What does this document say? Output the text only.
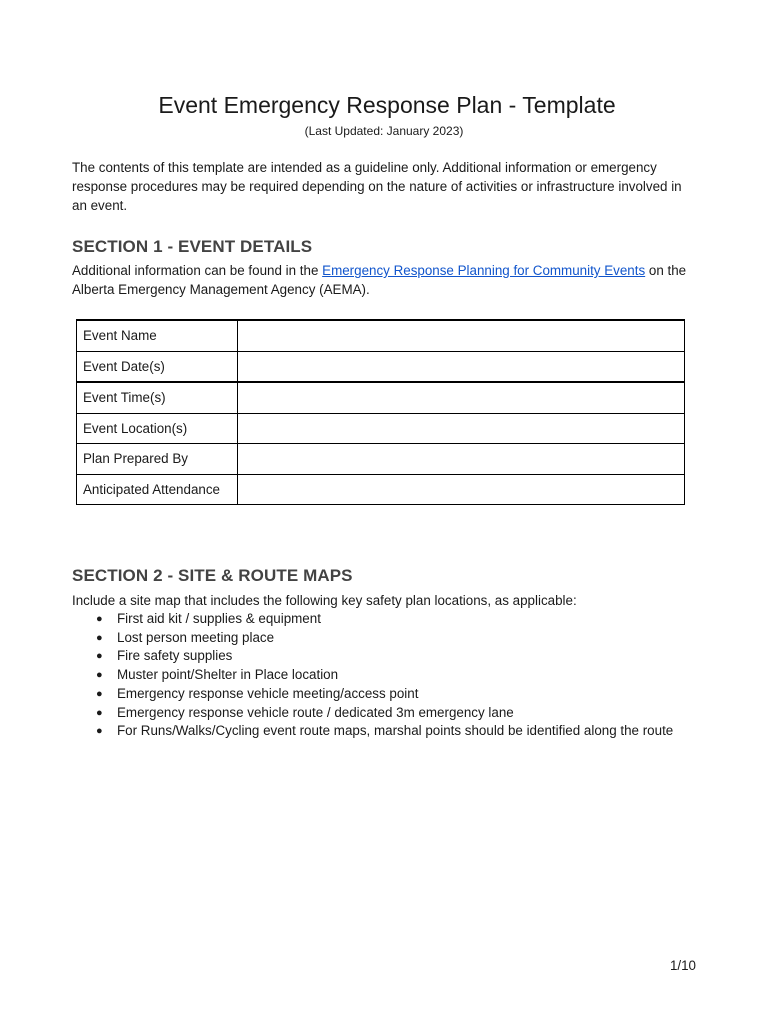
Event Emergency Response Plan - Template
(Last Updated: January 2023)

The contents of this template are intended as a guideline only. Additional information or emergency response procedures may be required depending on the nature of activities or infrastructure involved in an event.

SECTION 1 - EVENT DETAILS

Additional information can be found in the Emergency Response Planning for Community Events on the Alberta Emergency Management Agency (AEMA).

Event Name	
Event Date(s)	
Event Time(s)	
Event Location(s)	
Plan Prepared By	
Anticipated Attendance	
SECTION 2 - SITE & ROUTE MAPS

Include a site map that includes the following key safety plan locations, as applicable:

● First aid kit / supplies & equipment
● Lost person meeting place
● Fire safety supplies
● Muster point/Shelter in Place location
● Emergency response vehicle meeting/access point
● Emergency response vehicle route / dedicated 3m emergency lane
● For Runs/Walks/Cycling event route maps, marshal points should be identified along the route
1/10
